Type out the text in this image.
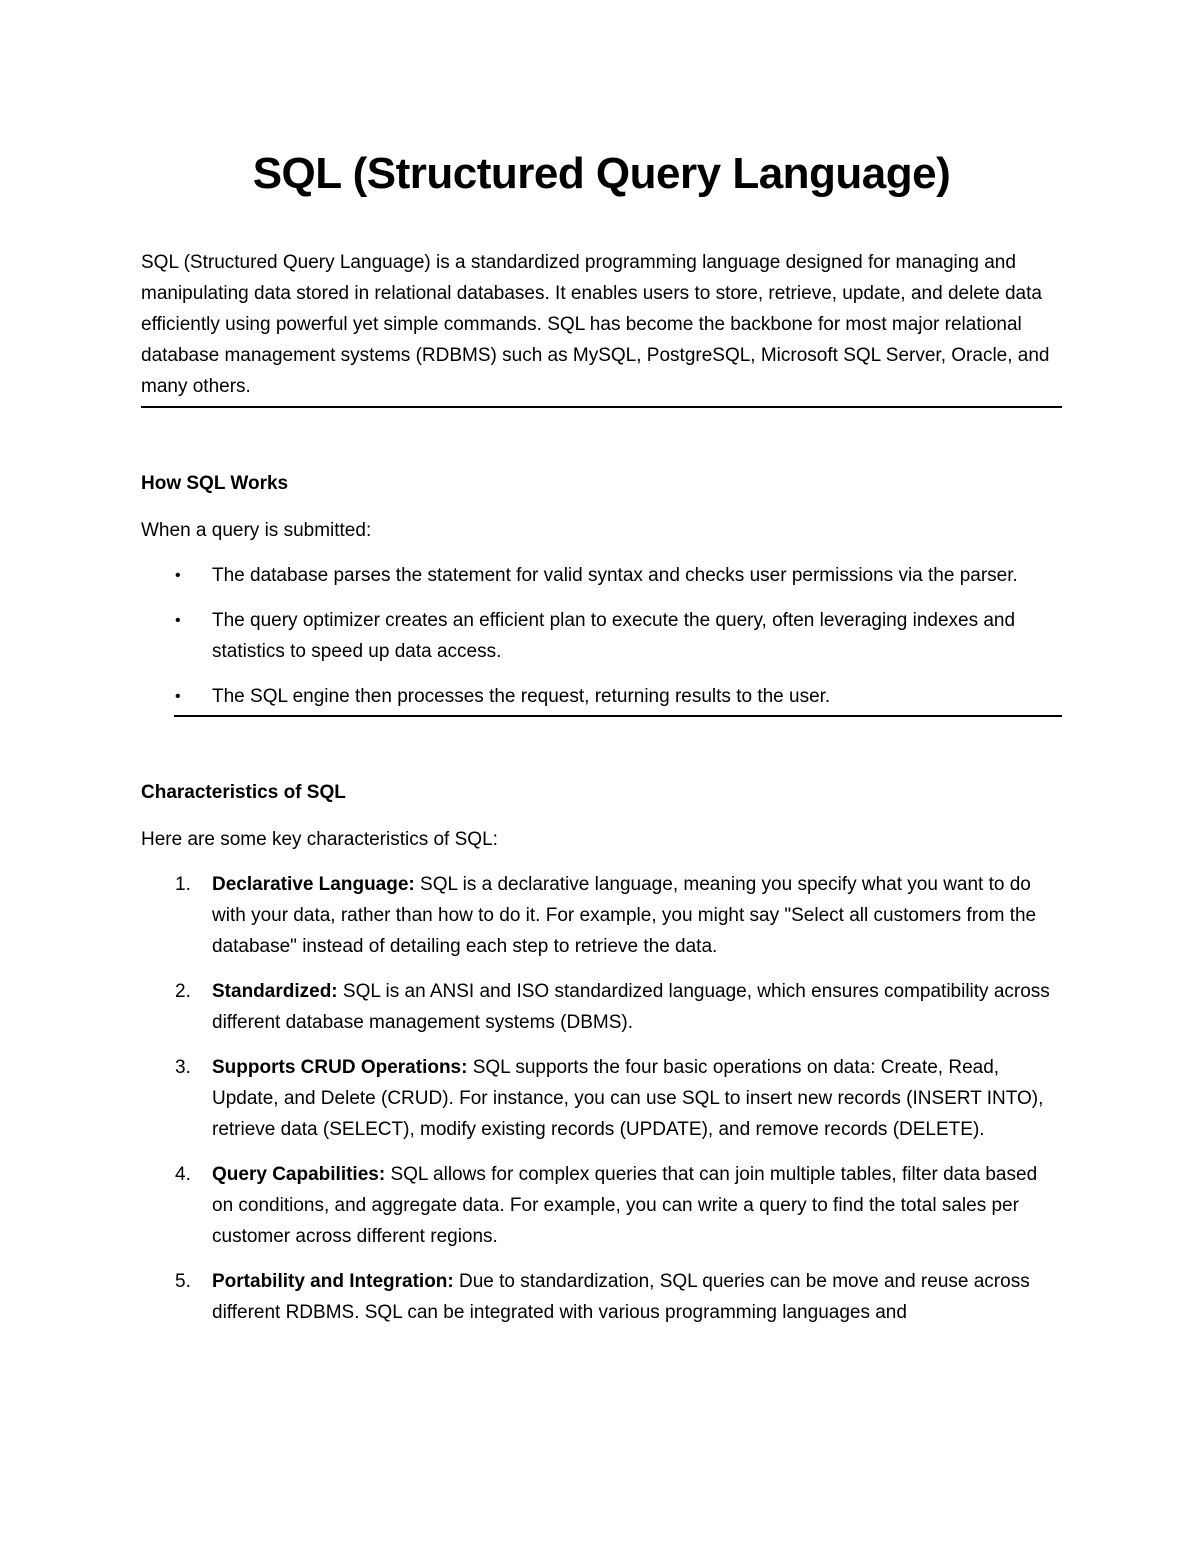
SQL (Structured Query Language)

SQL (Structured Query Language) is a standardized programming language designed for managing and manipulating data stored in relational databases. It enables users to store, retrieve, update, and delete data efficiently using powerful yet simple commands. SQL has become the backbone for most major relational database management systems (RDBMS) such as MySQL, PostgreSQL, Microsoft SQL Server, Oracle, and many others.

How SQL Works

When a query is submitted:

• The database parses the statement for valid syntax and checks user permissions via the parser.
• The query optimizer creates an efficient plan to execute the query, often leveraging indexes and statistics to speed up data access.
• The SQL engine then processes the request, returning results to the user.

Characteristics of SQL

Here are some key characteristics of SQL:

1. Declarative Language: SQL is a declarative language, meaning you specify what you want to do with your data, rather than how to do it. For example, you might say "Select all customers from the database" instead of detailing each step to retrieve the data.
2. Standardized: SQL is an ANSI and ISO standardized language, which ensures compatibility across different database management systems (DBMS).
3. Supports CRUD Operations: SQL supports the four basic operations on data: Create, Read, Update, and Delete (CRUD). For instance, you can use SQL to insert new records (INSERT INTO), retrieve data (SELECT), modify existing records (UPDATE), and remove records (DELETE).
4. Query Capabilities: SQL allows for complex queries that can join multiple tables, filter data based on conditions, and aggregate data. For example, you can write a query to find the total sales per customer across different regions.
5. Portability and Integration: Due to standardization, SQL queries can be move and reuse across different RDBMS. SQL can be integrated with various programming languages and
